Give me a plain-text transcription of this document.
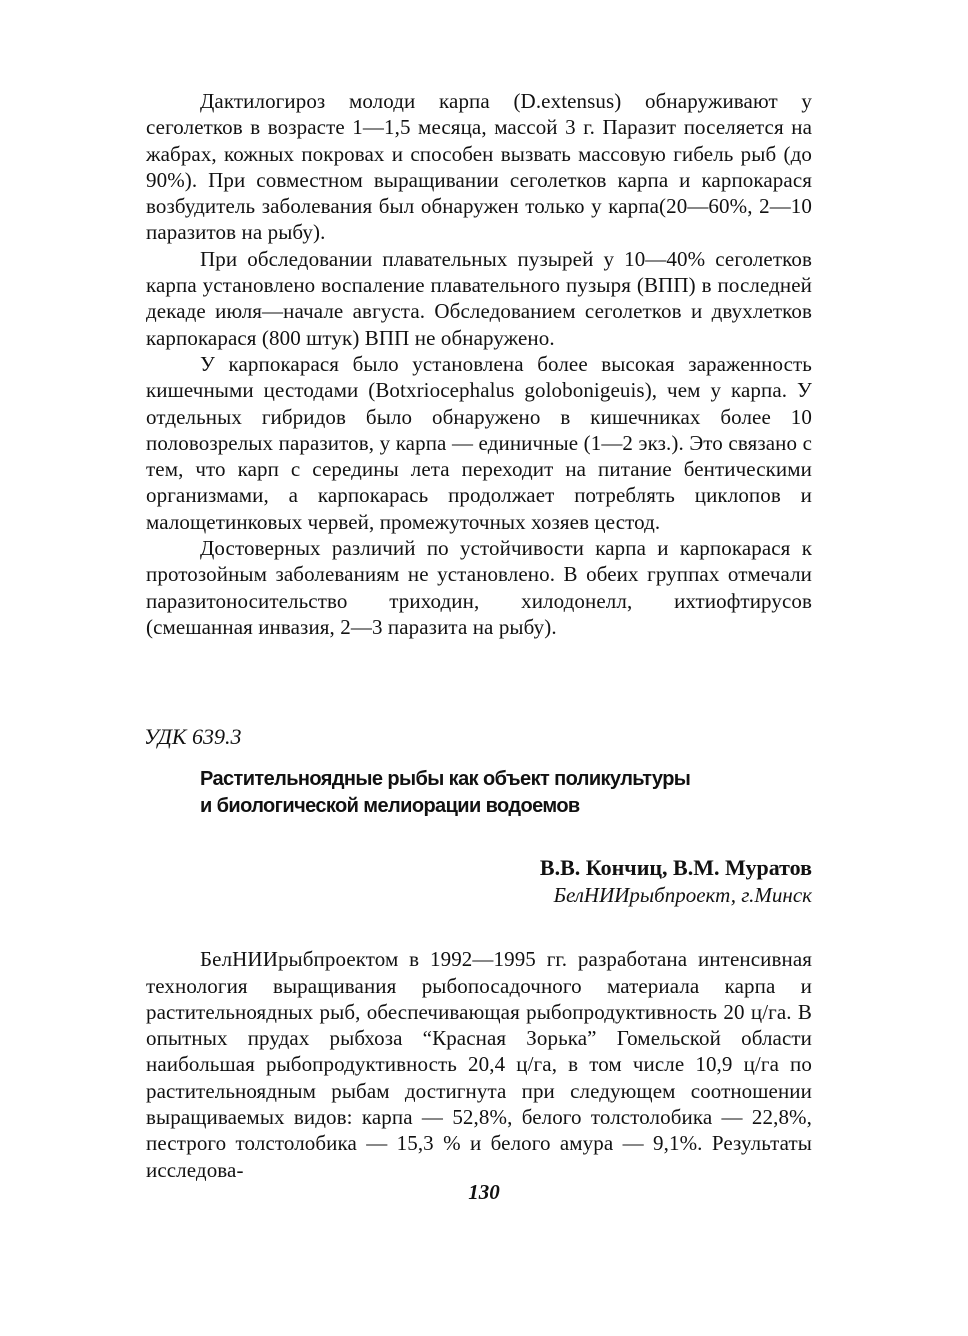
Дактилогироз молоди карпа (D.extensus) обнаруживают у сеголетков в возрасте 1—1,5 месяца, массой 3 г. Паразит поселяется на жабрах, кожных покровах и способен вызвать массовую гибель рыб (до 90%). При совместном выращивании сеголетков карпа и карпокарася возбудитель заболевания был обнаружен только у карпа(20—60%, 2—10 паразитов на рыбу).

При обследовании плавательных пузырей у 10—40% сеголетков карпа установлено воспаление плавательного пузыря (ВПП) в последней декаде июля—начале августа. Обследованием сеголетков и двухлетков карпокарася (800 штук) ВПП не обнаружено.

У карпокарася было установлена более высокая зараженность кишечными цестодами (Botxriocephalus golobonigeuis), чем у карпа. У отдельных гибридов было обнаружено в кишечниках более 10 половозрелых паразитов, у карпа — единичные (1—2 экз.). Это связано с тем, что карп с середины лета переходит на питание бентическими организмами, а карпокарась продолжает потреблять циклопов и малощетинковых червей, промежуточных хозяев цестод.

Достоверных различий по устойчивости карпа и карпокарася к протозойным заболеваниям не установлено. В обеих группах отмечали паразитоносительство триходин, хилодонелл, ихтиофтирусов (смешанная инвазия, 2—3 паразита на рыбу).

УДК 639.3
Растительноядные рыбы как объект поликультуры
и биологической мелиорации водоемов
В.В. Кончиц, В.М. Муратов
БелНИИрыбпроект, г.Минск

БелНИИрыбпроектом в 1992—1995 гг. разработана интенсивная технология выращивания рыбопосадочного материала карпа и растительноядных рыб, обеспечивающая рыбопродуктивность 20 ц/га. В опытных прудах рыбхоза “Красная Зорька” Гомельской области наибольшая рыбопродуктивность 20,4 ц/га, в том числе 10,9 ц/га по растительноядным рыбам достигнута при следующем соотношении выращиваемых видов: карпа — 52,8%, белого толстолобика — 22,8%, пестрого толстолобика — 15,3 % и белого амура — 9,1%. Результаты исследова-

130
